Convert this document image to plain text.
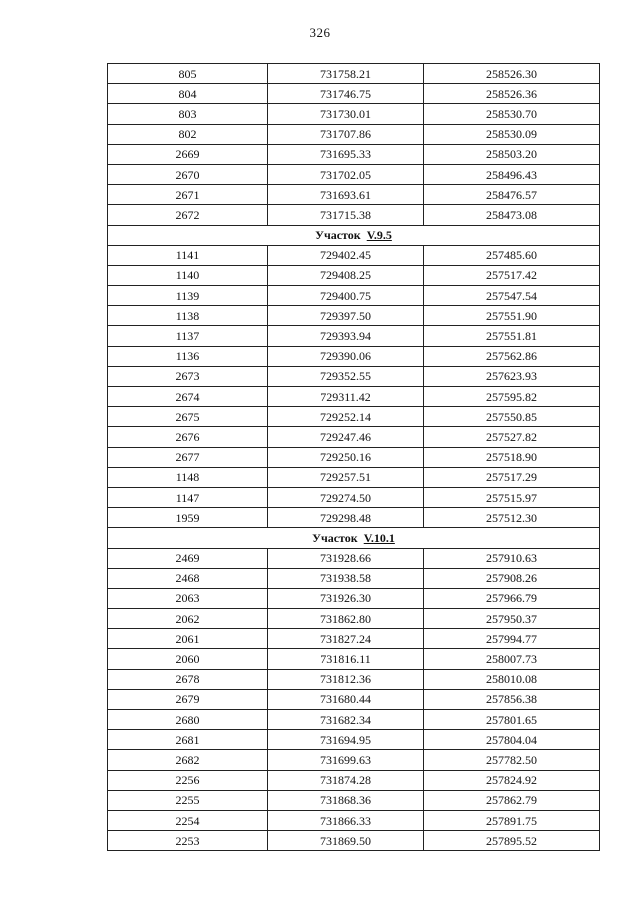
326
805	731758.21	258526.30
804	731746.75	258526.36
803	731730.01	258530.70
802	731707.86	258530.09
2669	731695.33	258503.20
2670	731702.05	258496.43
2671	731693.61	258476.57
2672	731715.38	258473.08
Участок V.9.5		
1141	729402.45	257485.60
1140	729408.25	257517.42
1139	729400.75	257547.54
1138	729397.50	257551.90
1137	729393.94	257551.81
1136	729390.06	257562.86
2673	729352.55	257623.93
2674	729311.42	257595.82
2675	729252.14	257550.85
2676	729247.46	257527.82
2677	729250.16	257518.90
1148	729257.51	257517.29
1147	729274.50	257515.97
1959	729298.48	257512.30
Участок V.10.1		
2469	731928.66	257910.63
2468	731938.58	257908.26
2063	731926.30	257966.79
2062	731862.80	257950.37
2061	731827.24	257994.77
2060	731816.11	258007.73
2678	731812.36	258010.08
2679	731680.44	257856.38
2680	731682.34	257801.65
2681	731694.95	257804.04
2682	731699.63	257782.50
2256	731874.28	257824.92
2255	731868.36	257862.79
2254	731866.33	257891.75
2253	731869.50	257895.52
